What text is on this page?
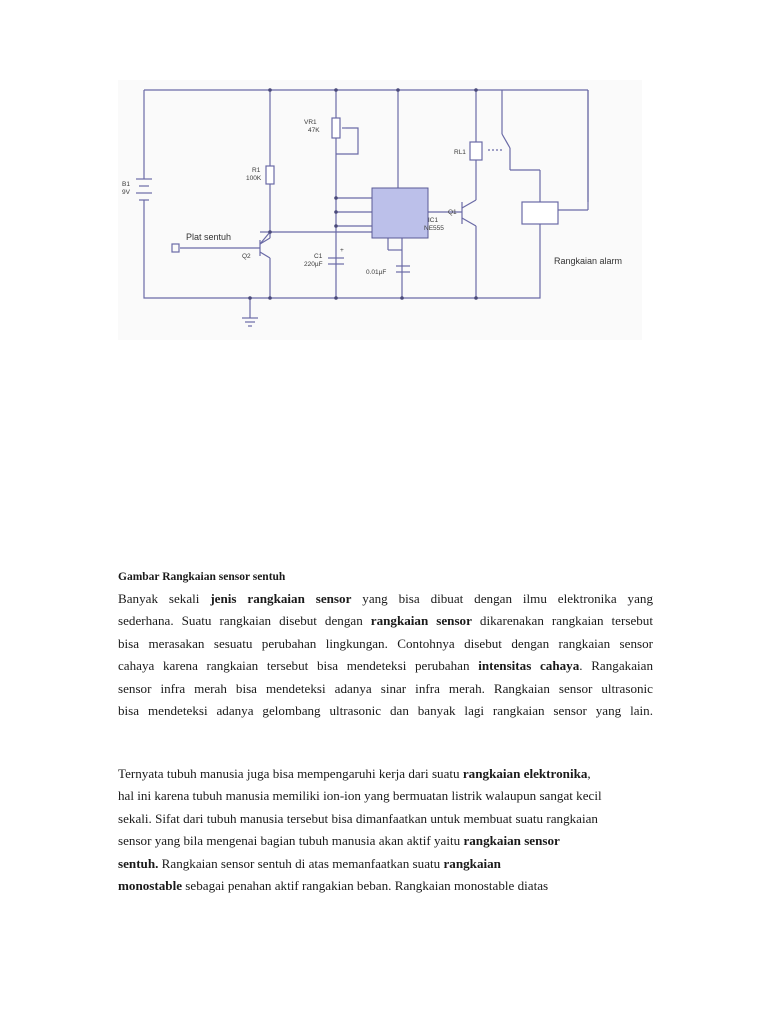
B1
9V
R1
100K
VR1
47K
IC1
NE555
C1
220µF
+
0.01µF
Q1
Q2
RL1
Plat sentuh
Rangkaian alarm

Gambar Rangkaian sensor sentuh

Banyak sekali jenis rangkaian sensor yang bisa dibuat dengan ilmu elektronika yang
sederhana. Suatu rangkaian disebut dengan rangkaian sensor dikarenakan rangkaian tersebut
bisa merasakan sesuatu perubahan lingkungan. Contohnya disebut dengan rangkaian sensor
cahaya karena rangkaian tersebut bisa mendeteksi perubahan intensitas cahaya. Rangakaian
sensor infra merah bisa mendeteksi adanya sinar infra merah. Rangkaian sensor ultrasonic
bisa mendeteksi adanya gelombang ultrasonic dan banyak lagi rangkaian sensor yang lain.
Ternyata tubuh manusia juga bisa mempengaruhi kerja dari suatu rangkaian elektronika,
hal ini karena tubuh manusia memiliki ion-ion yang bermuatan listrik walaupun sangat kecil
sekali. Sifat dari tubuh manusia tersebut bisa dimanfaatkan untuk membuat suatu rangkaian
sensor yang bila mengenai bagian tubuh manusia akan aktif yaitu rangkaian sensor
sentuh. Rangkaian sensor sentuh di atas memanfaatkan suatu rangkaian
monostable sebagai penahan aktif rangakian beban. Rangkaian monostable diatas
